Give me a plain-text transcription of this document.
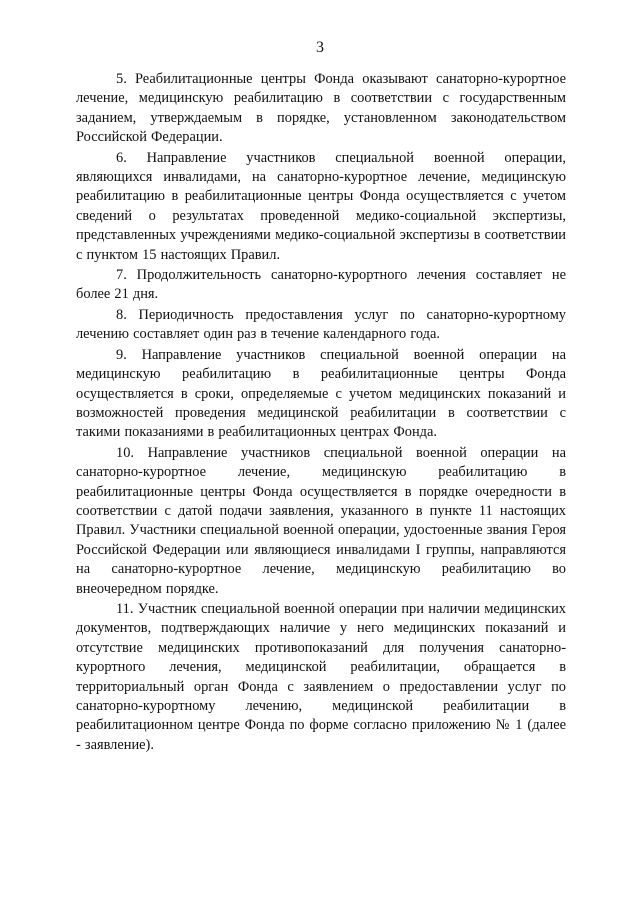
3

5. Реабилитационные центры Фонда оказывают санаторно-курортное лечение, медицинскую реабилитацию в соответствии с государственным заданием, утверждаемым в порядке, установленном законодательством Российской Федерации.

6. Направление участников специальной военной операции, являющихся инвалидами, на санаторно-курортное лечение, медицинскую реабилитацию в реабилитационные центры Фонда осуществляется с учетом сведений о результатах проведенной медико-социальной экспертизы, представленных учреждениями медико-социальной экспертизы в соответствии с пунктом 15 настоящих Правил.

7. Продолжительность санаторно-курортного лечения составляет не более 21 дня.

8. Периодичность предоставления услуг по санаторно-курортному лечению составляет один раз в течение календарного года.

9. Направление участников специальной военной операции на медицинскую реабилитацию в реабилитационные центры Фонда осуществляется в сроки, определяемые с учетом медицинских показаний и возможностей проведения медицинской реабилитации в соответствии с такими показаниями в реабилитационных центрах Фонда.

10. Направление участников специальной военной операции на санаторно-курортное лечение, медицинскую реабилитацию в реабилитационные центры Фонда осуществляется в порядке очередности в соответствии с датой подачи заявления, указанного в пункте 11 настоящих Правил. Участники специальной военной операции, удостоенные звания Героя Российской Федерации или являющиеся инвалидами I группы, направляются на санаторно-курортное лечение, медицинскую реабилитацию во внеочередном порядке.

11. Участник специальной военной операции при наличии медицинских документов, подтверждающих наличие у него медицинских показаний и отсутствие медицинских противопоказаний для получения санаторно-курортного лечения, медицинской реабилитации, обращается в территориальный орган Фонда с заявлением о предоставлении услуг по санаторно-курортному лечению, медицинской реабилитации в реабилитационном центре Фонда по форме согласно приложению № 1 (далее - заявление).
